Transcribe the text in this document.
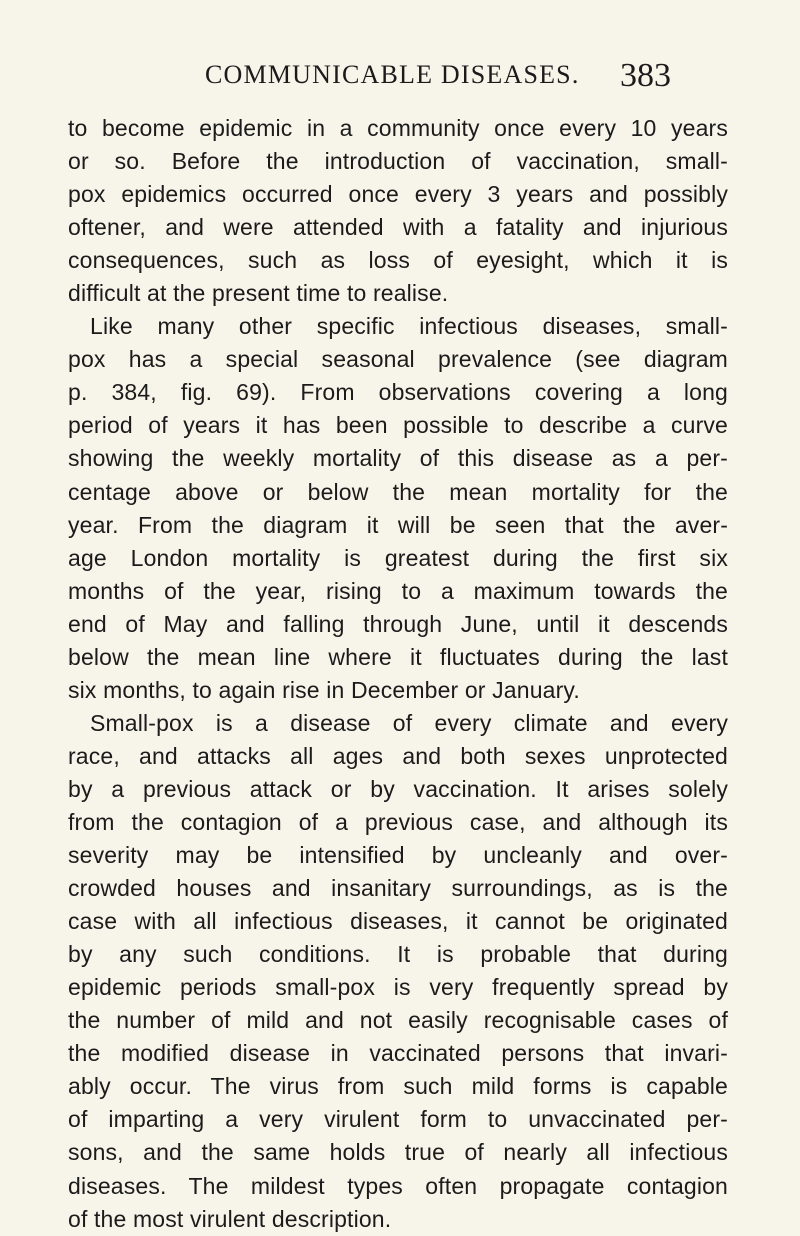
COMMUNICABLE DISEASES. 383
to become epidemic in a community once every 10 years
or so. Before the introduction of vaccination, small-
pox epidemics occurred once every 3 years and possibly
oftener, and were attended with a fatality and injurious
consequences, such as loss of eyesight, which it is
difficult at the present time to realise.
Like many other specific infectious diseases, small-
pox has a special seasonal prevalence (see diagram
p. 384, fig. 69). From observations covering a long
period of years it has been possible to describe a curve
showing the weekly mortality of this disease as a per-
centage above or below the mean mortality for the
year. From the diagram it will be seen that the aver-
age London mortality is greatest during the first six
months of the year, rising to a maximum towards the
end of May and falling through June, until it descends
below the mean line where it fluctuates during the last
six months, to again rise in December or January.
Small-pox is a disease of every climate and every
race, and attacks all ages and both sexes unprotected
by a previous attack or by vaccination. It arises solely
from the contagion of a previous case, and although its
severity may be intensified by uncleanly and over-
crowded houses and insanitary surroundings, as is the
case with all infectious diseases, it cannot be originated
by any such conditions. It is probable that during
epidemic periods small-pox is very frequently spread by
the number of mild and not easily recognisable cases of
the modified disease in vaccinated persons that invari-
ably occur. The virus from such mild forms is capable
of imparting a very virulent form to unvaccinated per-
sons, and the same holds true of nearly all infectious
diseases. The mildest types often propagate contagion
of the most virulent description.
